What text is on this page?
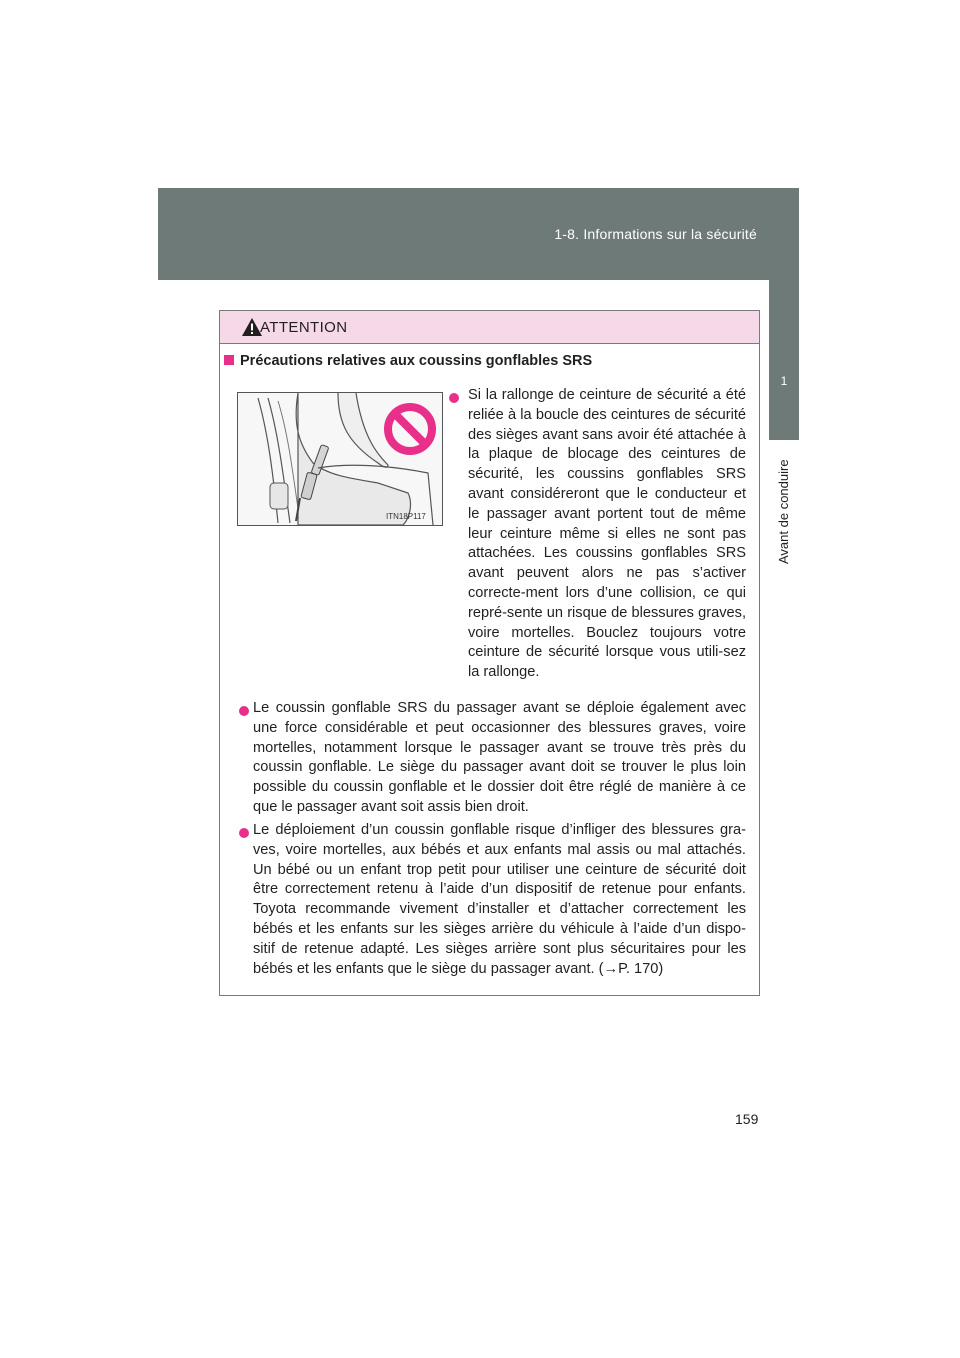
1-8. Informations sur la sécurité
1
Avant de conduire
ATTENTION
Précautions relatives aux coussins gonflables SRS
ITN18P117
Si la rallonge de ceinture de sécurité a été reliée à la boucle des ceintures de sécurité des sièges avant sans avoir été attachée à la plaque de blocage des ceintures de sécurité, les coussins gonflables SRS avant considéreront que le conducteur et le passager avant portent tout de même leur ceinture même si elles ne sont pas attachées. Les coussins gonflables SRS avant peuvent alors ne pas s’activer correcte-ment lors d’une collision, ce qui repré-sente un risque de blessures graves, voire mortelles. Bouclez toujours votre ceinture de sécurité lorsque vous utili-sez la rallonge.
Le coussin gonflable SRS du passager avant se déploie également avec une force considérable et peut occasionner des blessures graves, voire mortelles, notamment lorsque le passager avant se trouve très près du coussin gonflable. Le siège du passager avant doit se trouver le plus loin possible du coussin gonflable et le dossier doit être réglé de manière à ce que le passager avant soit assis bien droit.
Le déploiement d’un coussin gonflable risque d’infliger des blessures gra-ves, voire mortelles, aux bébés et aux enfants mal assis ou mal attachés. Un bébé ou un enfant trop petit pour utiliser une ceinture de sécurité doit être correctement retenu à l’aide d’un dispositif de retenue pour enfants. Toyota recommande vivement d’installer et d’attacher correctement les bébés et les enfants sur les sièges arrière du véhicule à l’aide d’un dispo-sitif de retenue adapté. Les sièges arrière sont plus sécuritaires pour les bébés et les enfants que le siège du passager avant. (→P. 170)
159
